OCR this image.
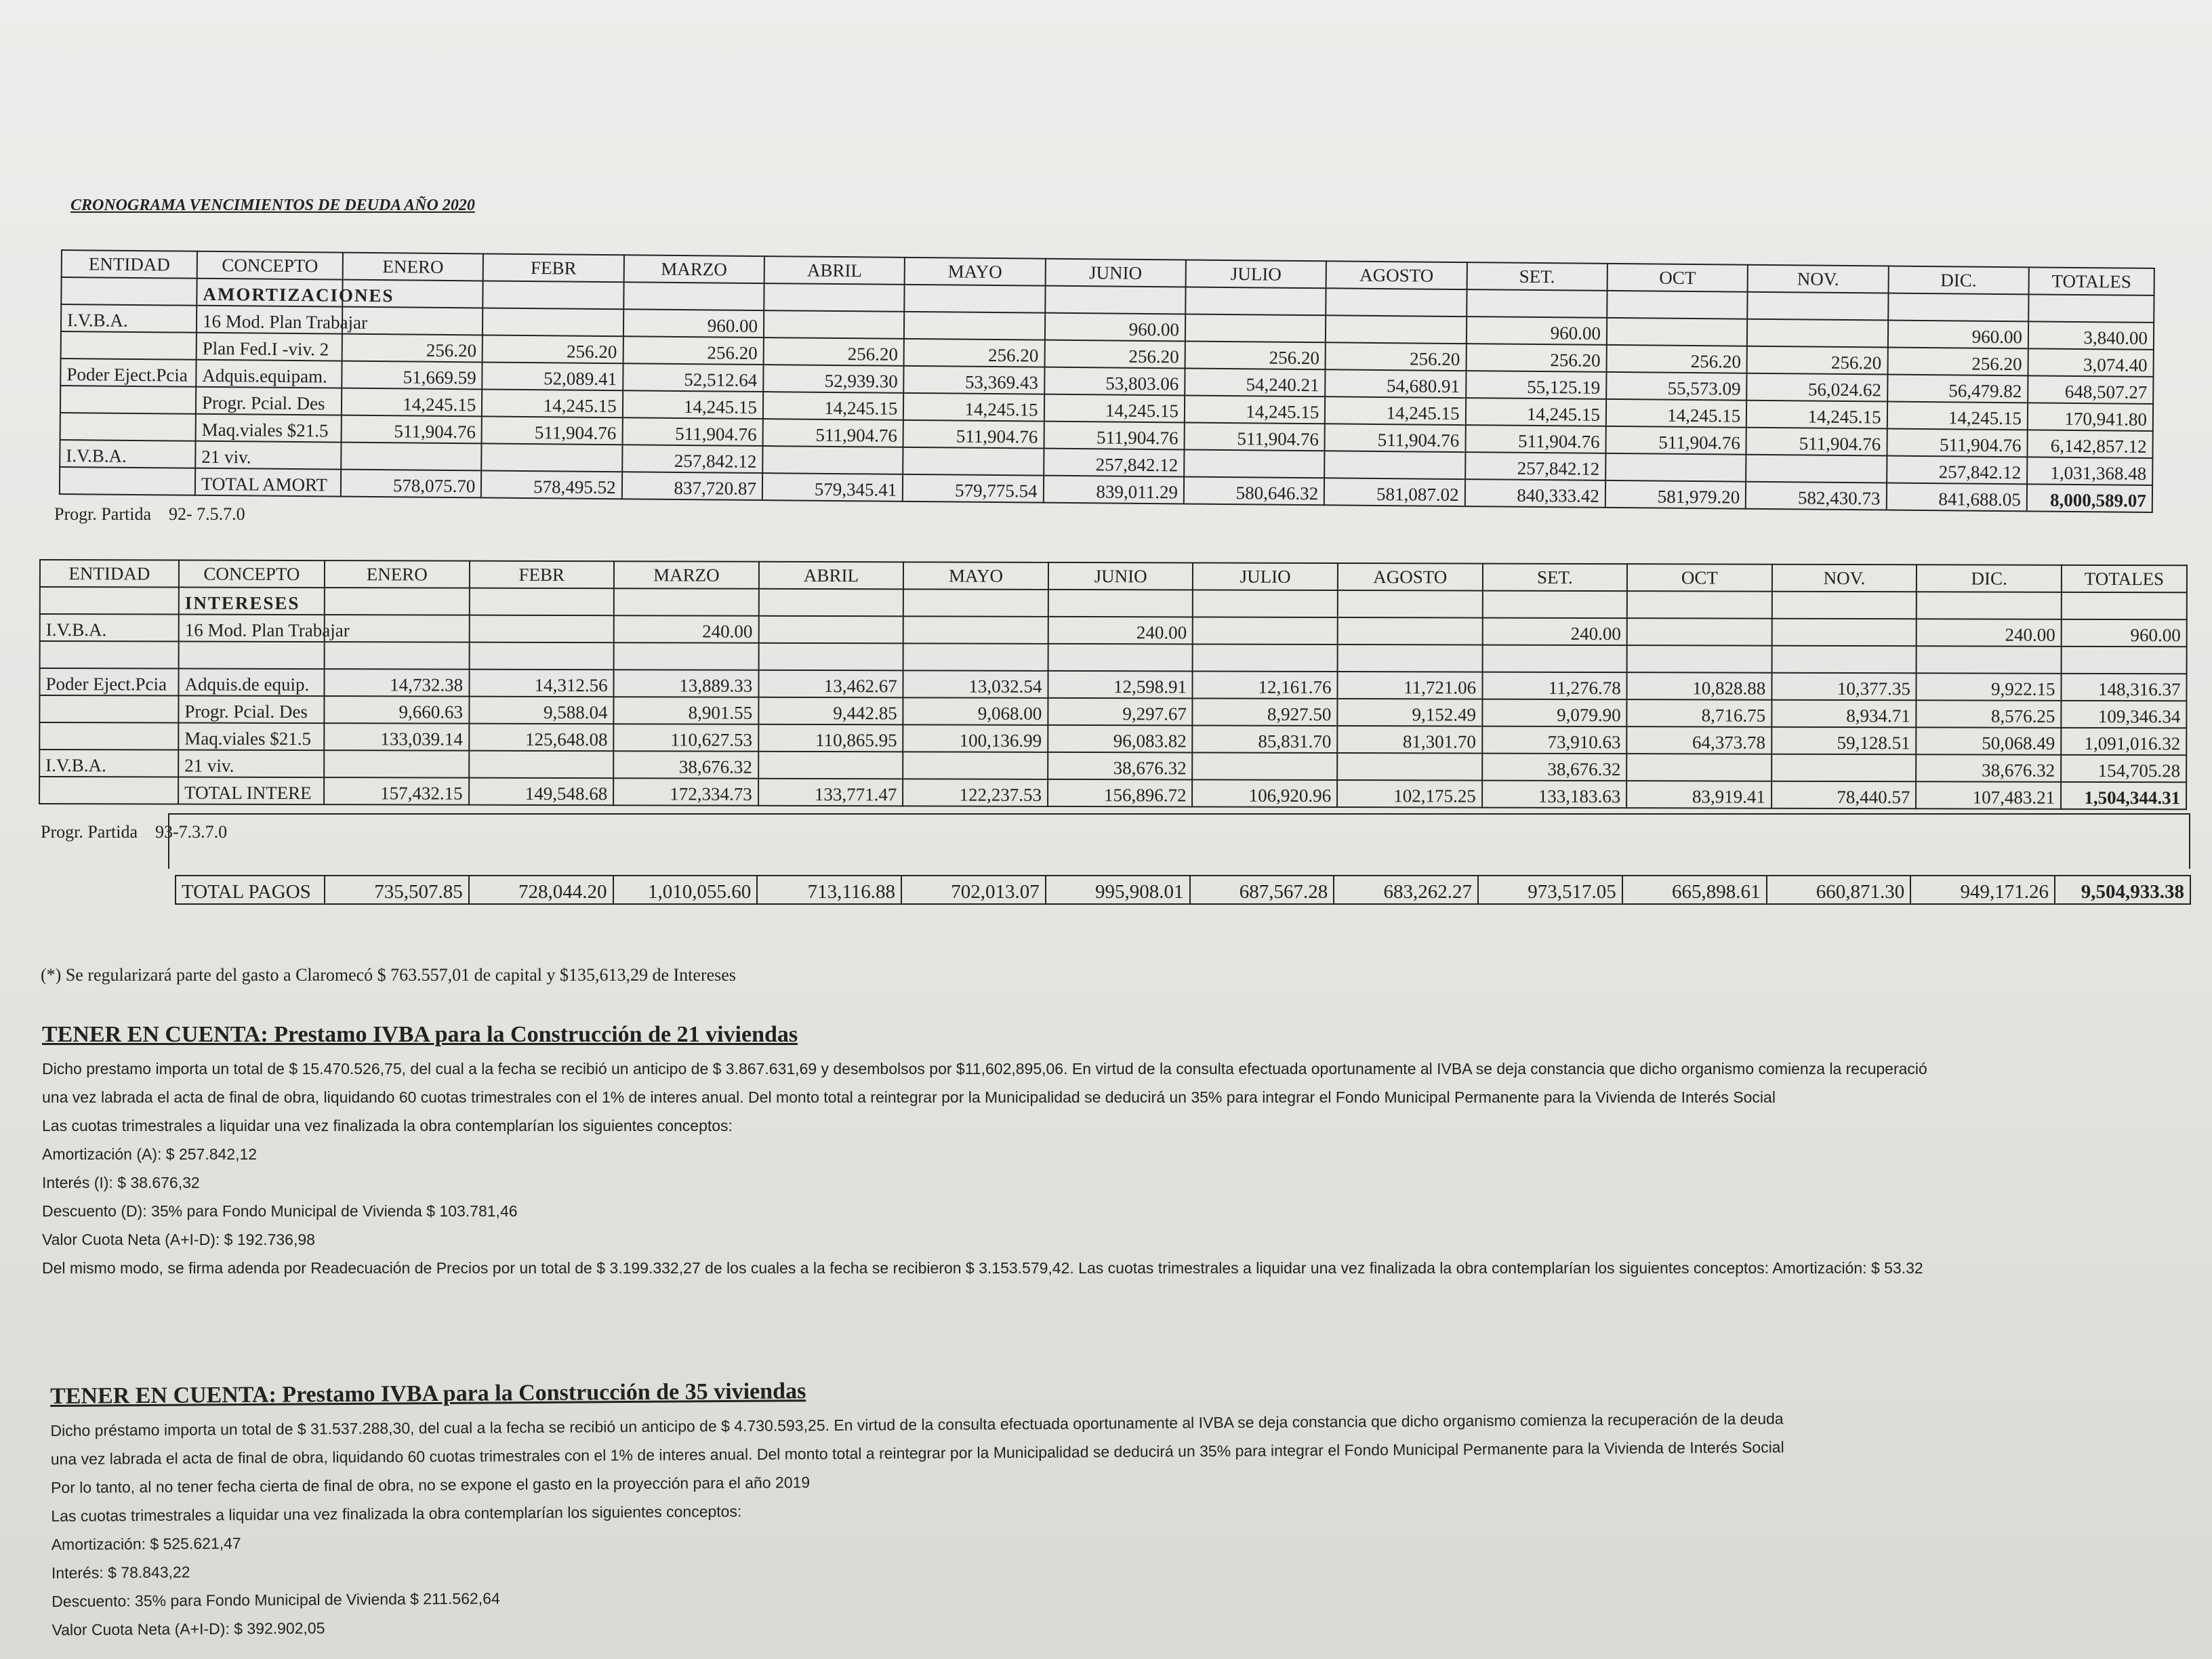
CRONOGRAMA VENCIMIENTOS DE DEUDA AÑO 2020
ENTIDAD	CONCEPTO	ENERO	FEBR	MARZO	ABRIL	MAYO	JUNIO	JULIO	AGOSTO	SET.	OCT	NOV.	DIC.	TOTALES
	AMORTIZACIONES													
I.V.B.A.	16 Mod. Plan Trabajar			960.00			960.00			960.00			960.00	3,840.00
	Plan Fed.I -viv. 2	256.20	256.20	256.20	256.20	256.20	256.20	256.20	256.20	256.20	256.20	256.20	256.20	3,074.40
Poder Eject.Pcia	Adquis.equipam.	51,669.59	52,089.41	52,512.64	52,939.30	53,369.43	53,803.06	54,240.21	54,680.91	55,125.19	55,573.09	56,024.62	56,479.82	648,507.27
	Progr. Pcial. Des	14,245.15	14,245.15	14,245.15	14,245.15	14,245.15	14,245.15	14,245.15	14,245.15	14,245.15	14,245.15	14,245.15	14,245.15	170,941.80
	Maq.viales $21.5	511,904.76	511,904.76	511,904.76	511,904.76	511,904.76	511,904.76	511,904.76	511,904.76	511,904.76	511,904.76	511,904.76	511,904.76	6,142,857.12
I.V.B.A.	21 viv.			257,842.12			257,842.12			257,842.12			257,842.12	1,031,368.48
	TOTAL AMORT	578,075.70	578,495.52	837,720.87	579,345.41	579,775.54	839,011.29	580,646.32	581,087.02	840,333.42	581,979.20	582,430.73	841,688.05	8,000,589.07
Progr. Partida 92- 7.5.7.0
ENTIDAD	CONCEPTO	ENERO	FEBR	MARZO	ABRIL	MAYO	JUNIO	JULIO	AGOSTO	SET.	OCT	NOV.	DIC.	TOTALES
	INTERESES													
I.V.B.A.	16 Mod. Plan Trabajar			240.00			240.00			240.00			240.00	960.00

Poder Eject.Pcia	Adquis.de equip.	14,732.38	14,312.56	13,889.33	13,462.67	13,032.54	12,598.91	12,161.76	11,721.06	11,276.78	10,828.88	10,377.35	9,922.15	148,316.37
	Progr. Pcial. Des	9,660.63	9,588.04	8,901.55	9,442.85	9,068.00	9,297.67	8,927.50	9,152.49	9,079.90	8,716.75	8,934.71	8,576.25	109,346.34
	Maq.viales $21.5	133,039.14	125,648.08	110,627.53	110,865.95	100,136.99	96,083.82	85,831.70	81,301.70	73,910.63	64,373.78	59,128.51	50,068.49	1,091,016.32
I.V.B.A.	21 viv.			38,676.32			38,676.32			38,676.32			38,676.32	154,705.28
	TOTAL INTERE	157,432.15	149,548.68	172,334.73	133,771.47	122,237.53	156,896.72	106,920.96	102,175.25	133,183.63	83,919.41	78,440.57	107,483.21	1,504,344.31
Progr. Partida 93-7.3.7.0
TOTAL PAGOS	735,507.85	728,044.20	1,010,055.60	713,116.88	702,013.07	995,908.01	687,567.28	683,262.27	973,517.05	665,898.61	660,871.30	949,171.26	9,504,933.38
(*) Se regularizará parte del gasto a Claromecó $ 763.557,01 de capital y $135,613,29 de Intereses
TENER EN CUENTA: Prestamo IVBA para la Construcción de 21 viviendas
Dicho prestamo importa un total de $ 15.470.526,75, del cual a la fecha se recibió un anticipo de $ 3.867.631,69 y desembolsos por $11,602,895,06. En virtud de la consulta efectuada oportunamente al IVBA se deja constancia que dicho organismo comienza la recuperació
una vez labrada el acta de final de obra, liquidando 60 cuotas trimestrales con el 1% de interes anual. Del monto total a reintegrar por la Municipalidad se deducirá un 35% para integrar el Fondo Municipal Permanente para la Vivienda de Interés Social
Las cuotas trimestrales a liquidar una vez finalizada la obra contemplarían los siguientes conceptos:
Amortización (A): $ 257.842,12
Interés (I): $ 38.676,32
Descuento (D): 35% para Fondo Municipal de Vivienda $ 103.781,46
Valor Cuota Neta (A+I-D): $ 192.736,98
Del mismo modo, se firma adenda por Readecuación de Precios por un total de $ 3.199.332,27 de los cuales a la fecha se recibieron $ 3.153.579,42. Las cuotas trimestrales a liquidar una vez finalizada la obra contemplarían los siguientes conceptos: Amortización: $ 53.32
TENER EN CUENTA: Prestamo IVBA para la Construcción de 35 viviendas
Dicho préstamo importa un total de $ 31.537.288,30, del cual a la fecha se recibió un anticipo de $ 4.730.593,25. En virtud de la consulta efectuada oportunamente al IVBA se deja constancia que dicho organismo comienza la recuperación de la deuda
una vez labrada el acta de final de obra, liquidando 60 cuotas trimestrales con el 1% de interes anual. Del monto total a reintegrar por la Municipalidad se deducirá un 35% para integrar el Fondo Municipal Permanente para la Vivienda de Interés Social
Por lo tanto, al no tener fecha cierta de final de obra, no se expone el gasto en la proyección para el año 2019
Las cuotas trimestrales a liquidar una vez finalizada la obra contemplarían los siguientes conceptos:
Amortización: $ 525.621,47
Interés: $ 78.843,22
Descuento: 35% para Fondo Municipal de Vivienda $ 211.562,64
Valor Cuota Neta (A+I-D): $ 392.902,05
